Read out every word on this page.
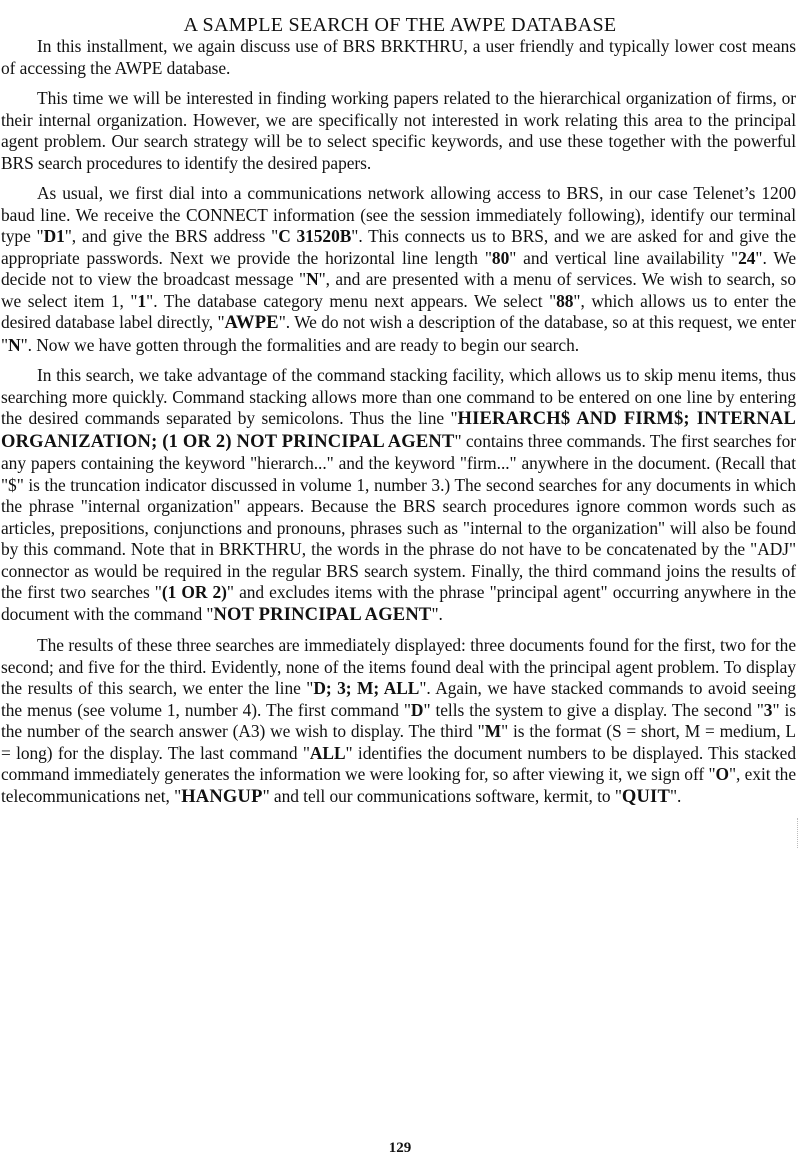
A SAMPLE SEARCH OF THE AWPE DATABASE

In this installment, we again discuss use of BRS BRKTHRU, a user friendly and typically lower cost means of accessing the AWPE database.

This time we will be interested in finding working papers related to the hierarchical organization of firms, or their internal organization. However, we are specifically not interested in work relating this area to the principal agent problem. Our search strategy will be to select specific keywords, and use these together with the powerful BRS search procedures to identify the desired papers.

As usual, we first dial into a communications network allowing access to BRS, in our case Telenet’s 1200 baud line. We receive the CONNECT information (see the session immediately following), identify our terminal type "D1", and give the BRS address "C 31520B". This connects us to BRS, and we are asked for and give the appropriate passwords. Next we provide the horizontal line length "80" and vertical line availability "24". We decide not to view the broadcast message "N", and are presented with a menu of services. We wish to search, so we select item 1, "1". The database category menu next appears. We select "88", which allows us to enter the desired database label directly, "AWPE". We do not wish a description of the database, so at this request, we enter "N". Now we have gotten through the formalities and are ready to begin our search.

In this search, we take advantage of the command stacking facility, which allows us to skip menu items, thus searching more quickly. Command stacking allows more than one command to be entered on one line by entering the desired commands separated by semicolons. Thus the line "HIERARCH$ AND FIRM$; INTERNAL ORGANIZATION; (1 OR 2) NOT PRINCIPAL AGENT" contains three commands. The first searches for any papers containing the keyword "hierarch..." and the keyword "firm..." anywhere in the document. (Recall that "$" is the truncation indicator discussed in volume 1, number 3.) The second searches for any documents in which the phrase "internal organization" appears. Because the BRS search procedures ignore common words such as articles, prepositions, conjunctions and pronouns, phrases such as "internal to the organization" will also be found by this command. Note that in BRKTHRU, the words in the phrase do not have to be concatenated by the "ADJ" connector as would be required in the regular BRS search system. Finally, the third command joins the results of the first two searches "(1 OR 2)" and excludes items with the phrase "principal agent" occurring anywhere in the document with the command "NOT PRINCIPAL AGENT".

The results of these three searches are immediately displayed: three documents found for the first, two for the second; and five for the third. Evidently, none of the items found deal with the principal agent problem. To display the results of this search, we enter the line "D; 3; M; ALL". Again, we have stacked commands to avoid seeing the menus (see volume 1, number 4). The first command "D" tells the system to give a display. The second "3" is the number of the search answer (A3) we wish to display. The third "M" is the format (S = short, M = medium, L = long) for the display. The last command "ALL" identifies the document numbers to be displayed. This stacked command immediately generates the information we were looking for, so after viewing it, we sign off "O", exit the telecommunications net, "HANGUP" and tell our communications software, kermit, to "QUIT".

129
